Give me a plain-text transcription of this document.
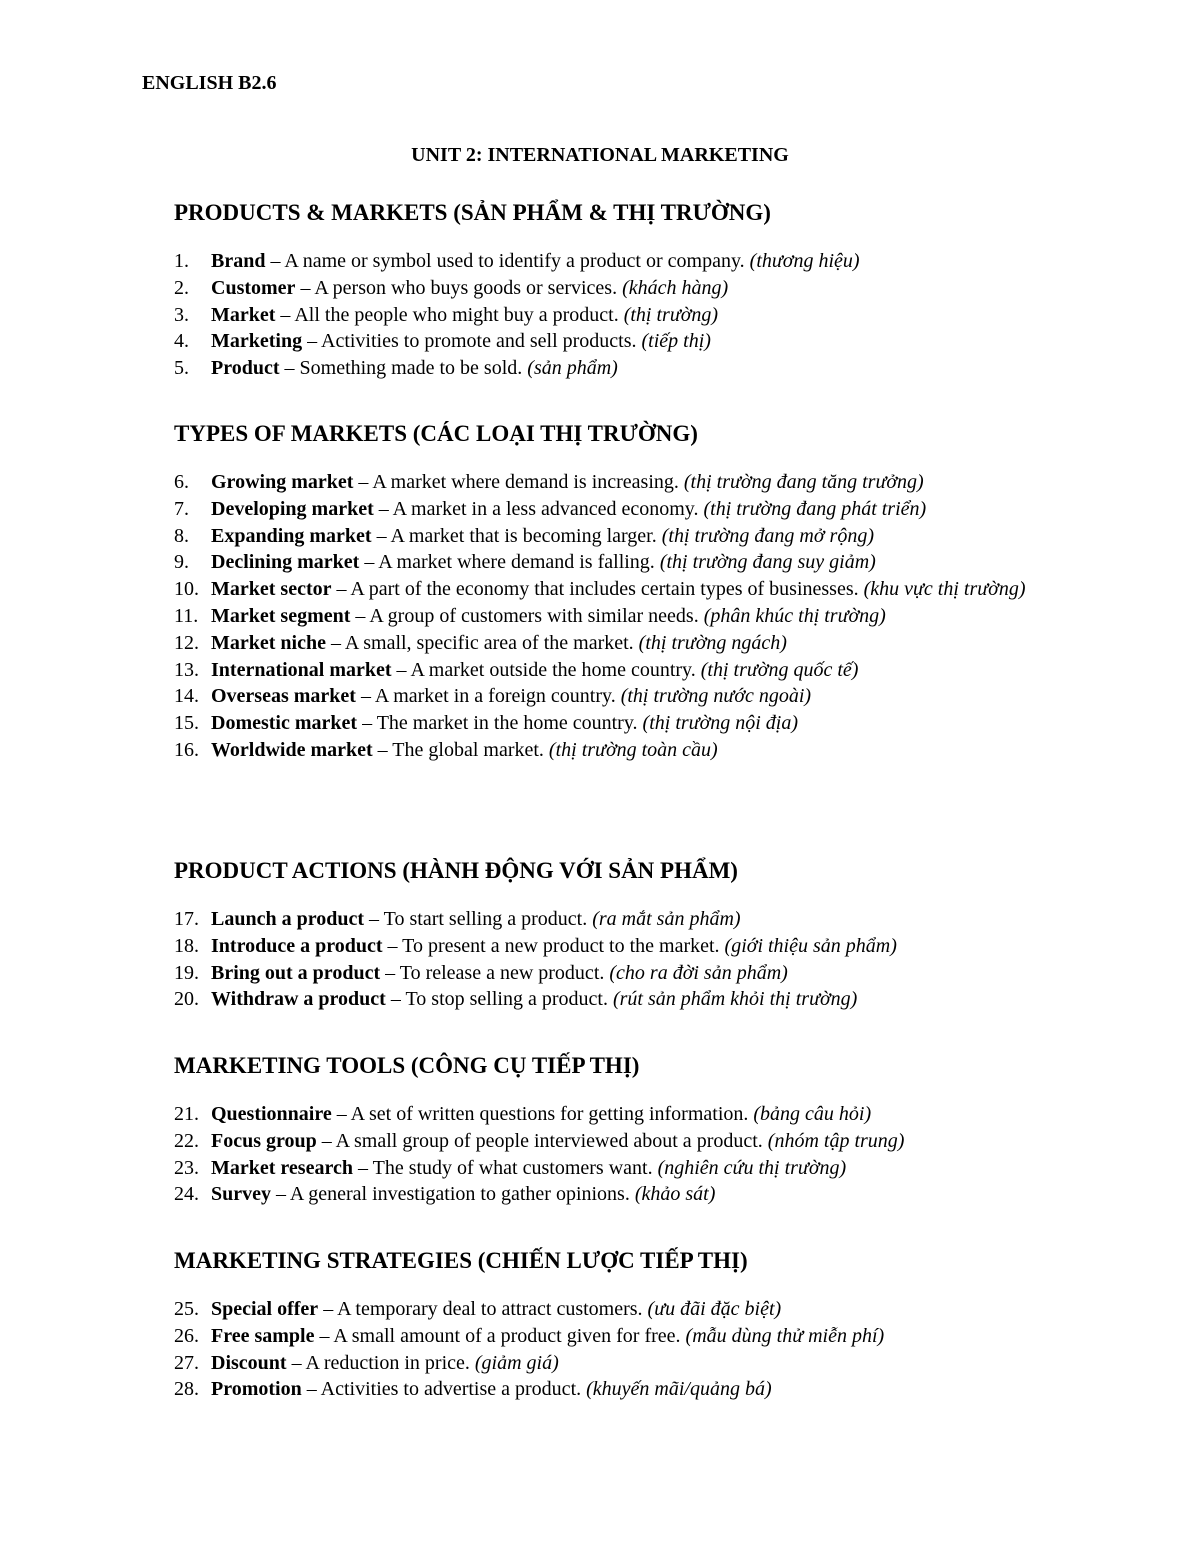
ENGLISH B2.6

UNIT 2: INTERNATIONAL MARKETING

PRODUCTS & MARKETS (SẢN PHẨM & THỊ TRƯỜNG)
1. Brand – A name or symbol used to identify a product or company. (thương hiệu)
2. Customer – A person who buys goods or services. (khách hàng)
3. Market – All the people who might buy a product. (thị trường)
4. Marketing – Activities to promote and sell products. (tiếp thị)
5. Product – Something made to be sold. (sản phẩm)
TYPES OF MARKETS (CÁC LOẠI THỊ TRƯỜNG)
6. Growing market – A market where demand is increasing. (thị trường đang tăng trưởng)
7. Developing market – A market in a less advanced economy. (thị trường đang phát triển)
8. Expanding market – A market that is becoming larger. (thị trường đang mở rộng)
9. Declining market – A market where demand is falling. (thị trường đang suy giảm)
10. Market sector – A part of the economy that includes certain types of businesses. (khu vực thị trường)
11. Market segment – A group of customers with similar needs. (phân khúc thị trường)
12. Market niche – A small, specific area of the market. (thị trường ngách)
13. International market – A market outside the home country. (thị trường quốc tế)
14. Overseas market – A market in a foreign country. (thị trường nước ngoài)
15. Domestic market – The market in the home country. (thị trường nội địa)
16. Worldwide market – The global market. (thị trường toàn cầu)
PRODUCT ACTIONS (HÀNH ĐỘNG VỚI SẢN PHẨM)
17. Launch a product – To start selling a product. (ra mắt sản phẩm)
18. Introduce a product – To present a new product to the market. (giới thiệu sản phẩm)
19. Bring out a product – To release a new product. (cho ra đời sản phẩm)
20. Withdraw a product – To stop selling a product. (rút sản phẩm khỏi thị trường)
MARKETING TOOLS (CÔNG CỤ TIẾP THỊ)
21. Questionnaire – A set of written questions for getting information. (bảng câu hỏi)
22. Focus group – A small group of people interviewed about a product. (nhóm tập trung)
23. Market research – The study of what customers want. (nghiên cứu thị trường)
24. Survey – A general investigation to gather opinions. (khảo sát)
MARKETING STRATEGIES (CHIẾN LƯỢC TIẾP THỊ)
25. Special offer – A temporary deal to attract customers. (ưu đãi đặc biệt)
26. Free sample – A small amount of a product given for free. (mẫu dùng thử miễn phí)
27. Discount – A reduction in price. (giảm giá)
28. Promotion – Activities to advertise a product. (khuyến mãi/quảng bá)
